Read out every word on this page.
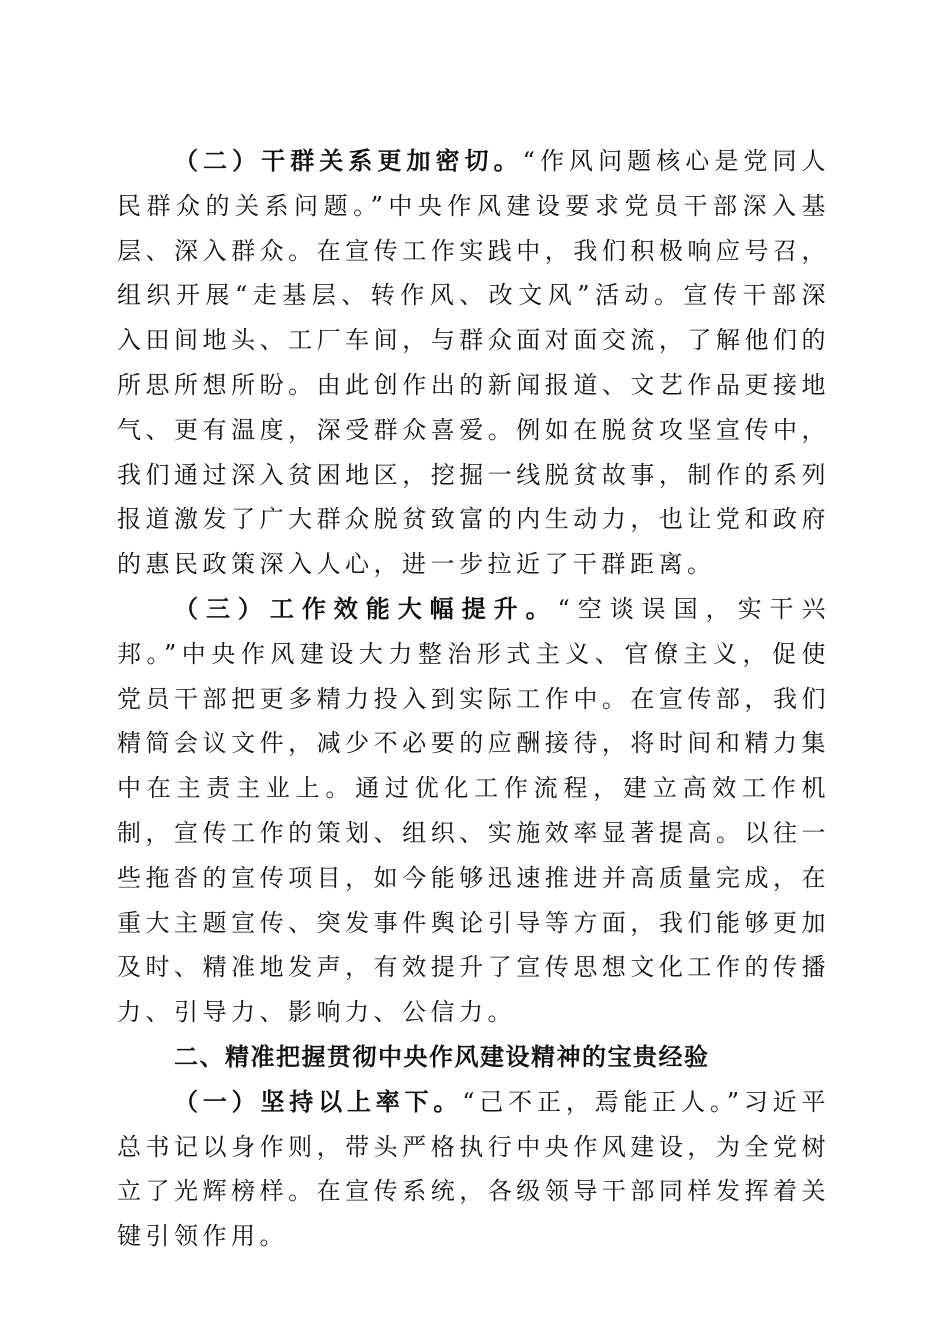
（二）干群关系更加密切。“作风问题核心是党同人民群众的关系问题。”中央作风建设要求党员干部深入基层、深入群众。在宣传工作实践中，我们积极响应号召，组织开展“走基层、转作风、改文风”活动。宣传干部深入田间地头、工厂车间，与群众面对面交流，了解他们的所思所想所盼。由此创作出的新闻报道、文艺作品更接地气、更有温度，深受群众喜爱。例如在脱贫攻坚宣传中，我们通过深入贫困地区，挖掘一线脱贫故事，制作的系列报道激发了广大群众脱贫致富的内生动力，也让党和政府的惠民政策深入人心，进一步拉近了干群距离。

（三）工作效能大幅提升。“空谈误国，实干兴邦。”中央作风建设大力整治形式主义、官僚主义，促使党员干部把更多精力投入到实际工作中。在宣传部，我们精简会议文件，减少不必要的应酬接待，将时间和精力集中在主责主业上。通过优化工作流程，建立高效工作机制，宣传工作的策划、组织、实施效率显著提高。以往一些拖沓的宣传项目，如今能够迅速推进并高质量完成，在重大主题宣传、突发事件舆论引导等方面，我们能够更加及时、精准地发声，有效提升了宣传思想文化工作的传播力、引导力、影响力、公信力。

二、精准把握贯彻中央作风建设精神的宝贵经验

（一）坚持以上率下。“己不正，焉能正人。”习近平总书记以身作则，带头严格执行中央作风建设，为全党树立了光辉榜样。在宣传系统，各级领导干部同样发挥着关键引领作用。
